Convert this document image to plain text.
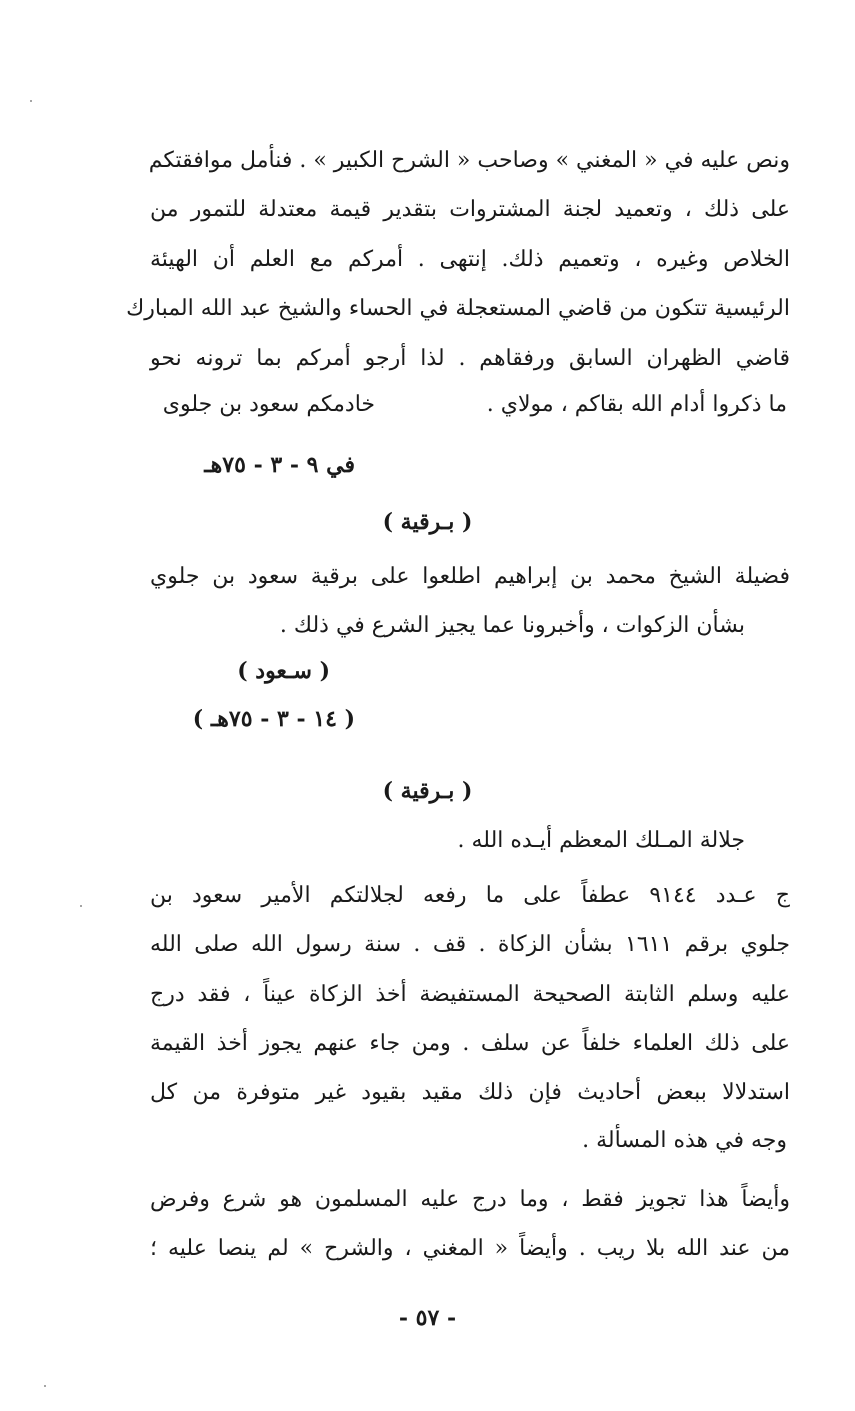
ونص عليه في « المغني » وصاحب « الشرح الكبير » . فنأمل موافقتكم
على ذلك ، وتعميد لجنة المشتروات بتقدير قيمة معتدلة للتمور من
الخلاص وغيره ، وتعميم ذلك. إنتهى . أمركم مع العلم أن الهيئة
الرئيسية تتكون من قاضي المستعجلة في الحساء والشيخ عبد الله المبارك
قاضي الظهران السابق ورفقاهم . لذا أرجو أمركم بما ترونه نحو
ما ذكروا أدام الله بقاكم ، مولاي .
خادمكم سعود بن جلوى
في ٩ - ٣ - ٧٥هـ
( بـرقية )
فضيلة الشيخ محمد بن إبراهيم اطلعوا على برقية سعود بن جلوي
بشأن الزكوات ، وأخبرونا عما يجيز الشرع في ذلك .
( سـعود )
( ١٤ - ٣ - ٧٥هـ )
( بـرقية )
جلالة المـلك المعظم أيـده الله .
ج عـدد ٩١٤٤ عطفاً على ما رفعه لجلالتكم الأمير سعود بن
جلوي برقم ١٦١١ بشأن الزكاة . قف . سنة رسول الله صلى الله
عليه وسلم الثابتة الصحيحة المستفيضة أخذ الزكاة عيناً ، فقد درج
على ذلك العلماء خلفاً عن سلف . ومن جاء عنهم يجوز أخذ القيمة
استدلالا ببعض أحاديث فإن ذلك مقيد بقيود غير متوفرة من كل
وجه في هذه المسألة .
وأيضاً هذا تجويز فقط ، وما درج عليه المسلمون هو شرع وفرض
من عند الله بلا ريب . وأيضاً « المغني ، والشرح » لم ينصا عليه ؛
- ٥٧ -
